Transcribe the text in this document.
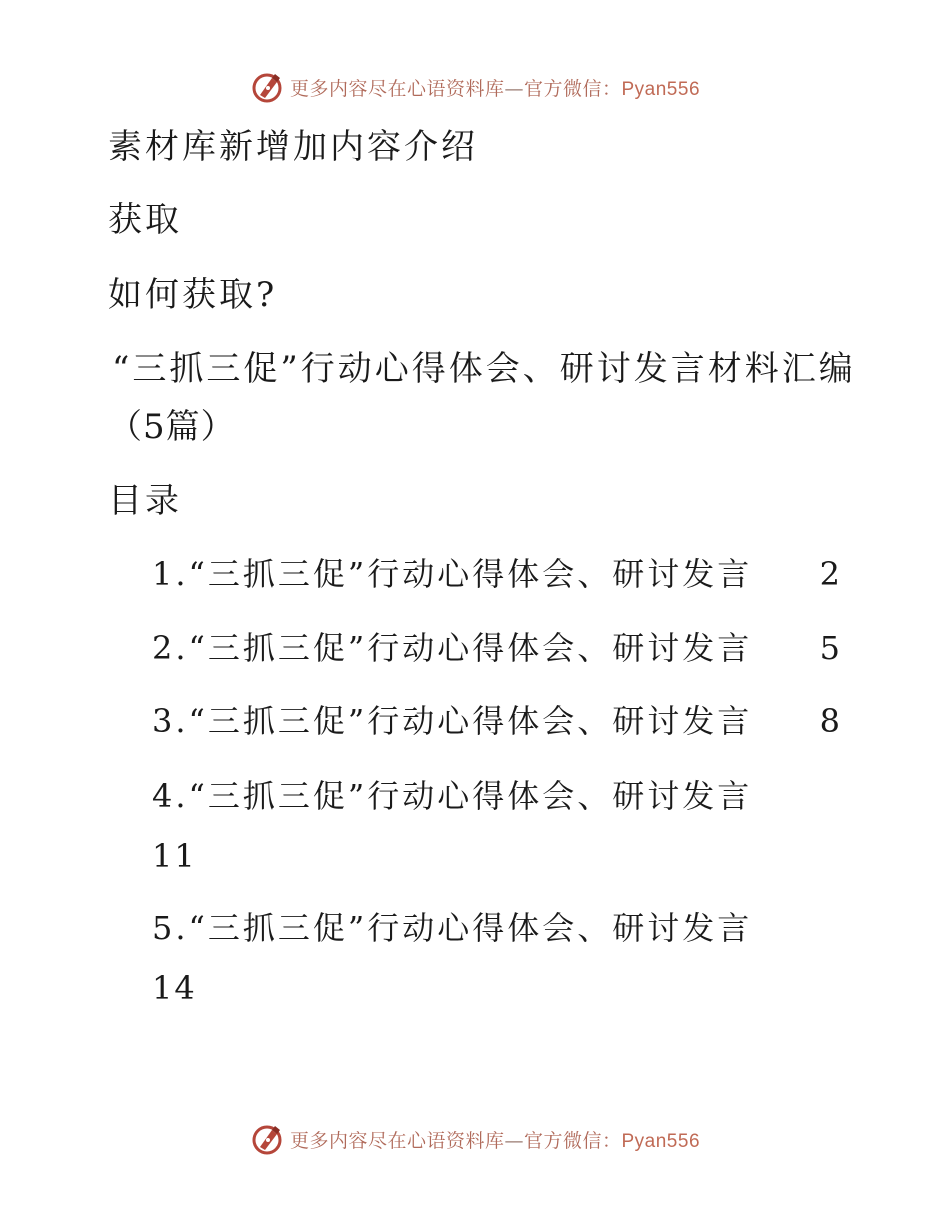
更多内容尽在心语资料库—官方微信：Pyan556
素材库新增加内容介绍
获取
如何获取?
“三抓三促”行动心得体会、研讨发言材料汇编
（5篇）
目录
1.“三抓三促”行动心得体会、研讨发言 2
2.“三抓三促”行动心得体会、研讨发言 5
3.“三抓三促”行动心得体会、研讨发言 8
4.“三抓三促”行动心得体会、研讨发言
11
5.“三抓三促”行动心得体会、研讨发言
14
更多内容尽在心语资料库—官方微信：Pyan556
